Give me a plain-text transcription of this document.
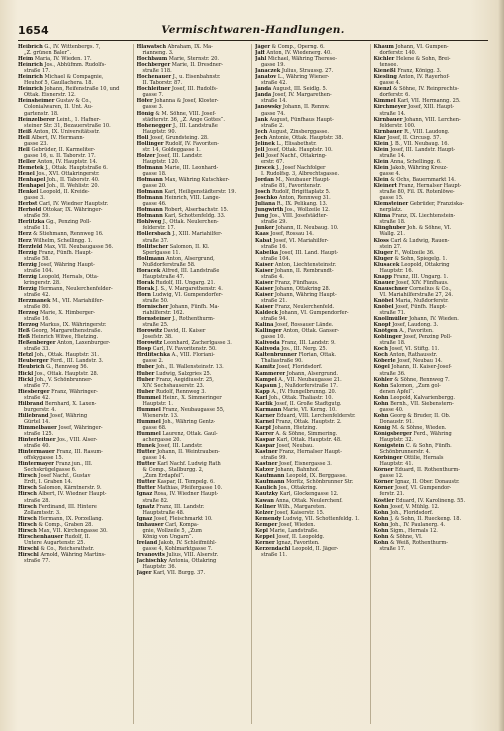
1654	Vermischtwaren-Handlungen.
Heibrich G., IV. Wittenbergs. 7,
„Z. grünen Baler“.
Heim Maria, IV. Wieden. 17.
Heinrich Jos., Abhüfmm. Rudolfs-
straße 17.
Heinrich Michael & Compagnie,
Heuhof 5, Gaullachera. 18.
Heinrich Johann, Reifenstraße 10, und
Ottak. Eisnerstr. 12.
Heinsheimer Gustav & Co.,
Colonialwaren, II. Unt. Au-
gartenstr. 18.
Heinzelberer Leint., 1. Hafner-
steiner Str. 31, Bezauerstraße 10.
Heiß Anton, IX. Universitätsstr.
Hell Albert, IV. Hermann-
gasse 23.
Hell Gebrüder, II. Karmeliter-
gasse 16, u. II. Taborstr. 17.
Heller Anton, IV. Hauptstr. 14.
Hemetek J., Ottak. Hauptstraße 6.
Henel Jos., XVI. Ottakringerstr.
Henhapel Joh., II. Taborstr. 40.
Henhapel Joh., II. Wehlistr. 20.
Henkel Leopold, II. Kreide-
gasse 3.
Herbst Carl, IV. Wiedner Hauptstr.
Herhold Ottokar, IX. Währinger-
straße 59.
Herlitzka Gg., Penzing Poll-
straße 11.
Herz & Stiehmann, Rennweg 16.
Herz Wilhelm, Schellingg. 1.
Herzfeld Max, VII. Neubaugasse 56.
Herzig Franz, Fünfh. Haupt-
straße 58.
Herzig Josef, Währing Haupt-
straße 104.
Herzig Leopold, Hernals, Otta-
kringerstr. 28.
Herzig Hermann, Neulerchenfelder-
straße 42.
Herzmanek M., VII. Mariahilfer-
straße 80.
Herzog Marie, X. Himberger-
straße 16.
Herzog Markus, IX. Währingerstr.
Heß Georg, Margarethenstraße.
Heß Heinrich Witwe, Hietzing.
Heßenberger Anton, Laxenburger-
straße 33.
Hetzl Joh., Ottak. Hauptstr. 31.
Heuberger Ferd., III. Landstr. 3.
Heubrich G., Rennweg 56.
Hickl Jos., Ottak. Hauptstr. 28.
Hickl Joh., V. Schönbrunner-
straße 77.
Hiesberger Franz, Währinger-
straße 42.
Hilbrand Bernhard, X. Laxen-
burgerstr. 4.
Hillebrand Josef, Währing
Gürtel 14.
Himmelbauer Josef, Währinger-
straße 125.
Hinterleitner Jos., VIII. Alser-
straße 40.
Hintermauer Franz, III. Rasum-
offskygasse 15.
Hintermayer Franz jun., III.
Sechskrügelgasse 6.
Hirsch Josef Nachf., Gustav
Erdt, I. Graben 14.
Hirsch Salomon, Kärntnerstr. 9.
Hirsch Albert, IV. Wiedner Haupt-
straße 28.
Hirsch Ferdinand, III. Hintere
Zollamtsstr. 3.
Hirsch Hermann, IX. Porzellang.
Hirsch & Comp., Graben 28.
Hirsch Max, VII. Kirchengasse 30.
Hirschenhauser Rudolf, II.
Untere Augartenstr. 25.
Hirschl & Co., Reichsrathstr.
Hirschl Arnold, Währing Martins-
straße 77.
Hlawatsch Abraham, IX. Ma-
rianneng. 3.
Hochbaum Marie, Sternstr. 20.
Hochberger Marie, II. Dresdner-
straße 118.
Hochenauer J., u. Eisenbahnstr.
II. Taborstr. 87.
Hochleitner Josef, III. Rudolfs-
gasse 7.
Höfer Johanna & Josef, Kloster-
gasse 3.
Hönig & M. Söhne, VIII. Josef-
städterstr. 36, „Z. Ange Gottes“.
Hohenegger J., III. Landstraße
Hauptstr. 90.
Holl Josef, Grundsteing. 28.
Hollinger Rudolf, IV. Favoriten-
str. 14, Goldeggasse 1.
Holzer Josef, III. Landstr.
Hauptstr. 120.
Hofmann Marie, III. Leonhard-
gasse 18.
Hofmann Max, Währing Kutschker-
gasse 20.
Hofmann Karl, Heiligenstädterstr. 19.
Hofmann Heinrich, VIII. Lange-
gasse 46.
Hofmann Robert, Alserbachstr. 15.
Hofmann Karl, Schottenfeldg. 33.
Hohlweg J., Ottak. Neulerchen-
felderstr. 17.
Hollersbach J., XIII. Mariahilfer-
straße 37.
Hollitscher Salomon, II. Kl.
Sperlgasse 11.
Hollmann Anton, Alsergrund,
Nußdorferstraße 58.
Horacek Alfred, III. Landstraße
Hauptstraße 47.
Horak Rudolf, III. Ungarg. 21.
Horak J. S., V. Margarethenstr. 4.
Horn Ludwig, VI. Gumpendorfer-
straße 50.
Hornischer Johann, Fünfh. Ma-
riahilferstr. 162.
Hornsteiner J., Rothenthurm-
straße 25.
Horowitz David, II. Kaiser
Josefstr. 38.
Horowitz Leonhard, Zacherlgasse 3.
Hosp Carl, IV. Favoritenstr. 50.
Hrdlitschka A., VIII. Floriani-
gasse 2.
Huber Joh., II. Wallensteinstr. 13.
Huber Ludwig, Salzgries 25.
Huber Franz, Aegidiusstr. 25,
XIV. Sechshauserstr. 23.
Huber Rudolf, Rennweg 3.
Hummel Heinr., X. Simmeringer
Hauptstr. 1.
Hummel Franz, Neubaugasse 55,
Wienerstr. 13.
Hummel Joh., Währing Gentz-
gasse 68.
Hummel Laurenz, Ottak. Gaul-
achergasse 20.
Hunek Josef, III. Landstr.
Hutter Johann, II. Weintrauben-
gasse 14.
Hutter Karl Nachf. Ludwig Rath
& Comp., Stallburgg. 2,
„Zum Erdapfel“.
Hutter Kaspar, II. Tempelg. 6.
Hutter Mathias, Pfeifergasse 10.
Ignaz Rosa, IV. Wiedner Haupt-
straße 82.
Ignatz Franz, III. Landstr.
Hauptstraße 48.
Ignaz Josef, Fleischmarkt 10.
Imhauser Carl, Kompa-
gnie, Wollzeile 5, „Zum
König von Ungarn“.
Ireland Jakob, IV. Schleifmühl-
gasse 4, Kohlmarktgasse 7.
Irvanovits Julius, VIII. Alserstr.
Jachischky Antonia, Ottakring
Hauptstr. 36.
Jäger Karl, VII. Burgg. 37.
Jäger & Comp., Operng. 6.
Jaff Anton, IV. Wiedenerg. 40.
Jahl Michael, Währing Therese-
gasse 19.
Janaczek Julius, Straussg. 27.
Janatov L., Währing Wiener-
straße 42.
Janda August, III. Seidlg. 5.
Janda Josef, IV. Margarethen-
straße 14.
Janowsky Johann, II. Rennw.
gasse 74.
Jank August, Fünfhaus Haupt-
straße 2.
Jech August, Zinsberggasse.
Jech Antonie, Ottak. Hauptstr. 38.
Jelinek L., Elisabethstr.
Jell Josef, Ottak. Hauptstr. 10.
Jell Josef Nachf., Ottakring-
erstr. 67.
Jirscek J., Josef Nachfolger
I. Rudolfsg. 3, Albrechtsgasse.
Jordan M., Neubauer Haupt-
straße 81, Favoritenstr.
Josch Rudolf, Brigittaplatz 5.
Joschko Anton, Rennweg 31.
Juliana R., IX. Pelikang. 13.
Jungwirth Jos., Wollzeile 12.
Jung Jos., VIII. Josefstädter-
straße 29.
Junker Johann, II. Neubaug. 10.
Kaas Josef, Rossau 14.
Kabat Josef, VI. Mariahilfer-
straße 16.
Kabelka Josef, III. Land. Haupt-
straße 104.
Kaiser Anton, Liechtensteinstr.
Kaiser Johann, II. Rembrandt-
straße 4.
Kaiser Franz, Fünfhaus.
Kaiser Johann, Ottakring 28.
Kaiser Johann, Währing Haupt-
straße 21.
Kaiser Franz, Neulerchenfeld.
Kaldeck Johann, VI. Gumpendorfer-
straße 94.
Kalina Josef, Rossauer Lände.
Kallinger Anton, Ottak. Ganser-
gasse 10.
Kalivoda Franz, III. Landstr. 9.
Kalivoda Jos., III. Nerg. 25.
Kaltenbrunner Florian, Ottak.
Thaliastraße 90.
Kamitz Josef, Floridsdorf.
Kammerer Johann, Alsergrund.
Kampel A., VII. Neubaugasse 21.
Kapaun J., Nußdorferstraße 17.
Kapp A., IV. Hungelbrunng. 20.
Karl Joh., Ottak. Thaliastr. 10.
Karlik Josef, II. Große Stadtgutg.
Karmann Marie, VI. Kerng. 10.
Karner Eduard, VIII. Lerchenfelderstr.
Karnel Franz, Ottak. Hauptstr. 2.
Karpf Johann, Hietzing.
Karrer A. & Söhne, Simmering.
Kaspar Karl, Ottak. Hauptstr. 48.
Kaspar Josef, Neubau.
Kastner Franz, Hernalser Haupt-
straße 99.
Kastner Josef, Eisnergasse 3.
Katzer Johann, Bahnhof.
Kaufmann Leopold, IX. Berggasse.
Kaufmann Moritz, Schönbrunner Str.
Kaulich Jos., Ottakring.
Kautzky Karl, Glockengasse 12.
Kawan Anna, Ottak. Neulerchenf.
Kellner Wilh., Margareten.
Kelzer Josef, Kaiserstr. 15.
Kemendy Ludwig, VII. Schottenfeldg. 1.
Kemper Josef, Wieden.
Kepl Marie, Landstraße.
Keppel Josef, II. Leopoldg.
Kerner Ignaz, Favoriten.
Kerzendachl Leopold, II. Jäger-
straße 11.
Khaum Johann, VI. Gumpen-
dorferstr. 140.
Kichler Helene & Sohn, Brei-
tensee.
Kieneßl Franz, Königg. 3.
Kiesling Anton, IV. Rayerhof-
gasse 4.
Kienzl & Söhne, IV. Reinprechts-
dorferstr. 6.
Kimmel Karl, VII. Hermanng. 25.
Kirchmeyer Josef, XIII. Haupt-
straße 14.
Kirnbauer Johann, VIII. Lerchen-
felderstr. 100.
Kirnbauer R., VIII. Laudong.
Klar Josef, II. Circusg. 57.
Klein J. B., VII. Neubaug. 16.
Klein Josef, III. Landstr. Haupt-
straße 14.
Klein Anna, Schellingg. 6.
Klein Jakob, Währing Kreuz-
gasse 4.
Klein & Ochs, Bauernmarkt 14.
Kleinert Franz, Hernalser Haupt-
straße 80, Fil. IX. Rotenlöwe-
gasse 15.
Klemsteiner Gebrüder, Franziska-
nerplatz.
Klima Franz, IX. Liechtenstein-
straße 18.
Klinghuber Joh. & Söhne, VI.
Wallg. 21.
Kloss Carl & Ludwig, Rauen-
stein 27.
Kluger F., Wollzeile 36.
Kluger & Sohn, Spiegelg. 1.
Klusacek Leopold, Ottakring
Hauptstr. 16.
Knapp Franz, III. Ungarg. 1.
Knauer Josef, XIV. Fünfhaus.
Knauschner Cornelius & Co.,
VI. Mariahilferstraße 27, 24.
Knöbel Maria, Nußdorferstr.
Knöbel Josef, Fünfh. Haupt-
straße 71.
Knollmüller Johann, IV. Wieden.
Knopf Josef, Laudong. 3.
Knötgen A., Favoriten.
Koblinger Josef, Penzing Poll-
straße 18.
Koch Josef, VI. Stiftg. 11.
Koch Anton, Rathausstr.
Köberle Josef, Neubau 14.
Kögel Johann, II. Kaiser-Josef-
straße 36.
Köhler & Söhne, Rennweg 7.
Kohn Salomon, „Zum gol-
denen Apfel“.
Kohn Leopold, Kalvarienbergg.
Kohn Bernh., VII. Siebenstern-
gasse 40.
Kohn Georg & Bruder, II. Ob.
Donaustr. 91.
König M. & Söhne, Wieden.
Königsberger Ferd., Währing
Hauptstr. 32.
Königstein C. & Sohn, Fünfh.
Schönbrunnerstr. 4.
Körbinger Ottilie, Hernals
Hauptstr. 41.
Körner Eduard, II. Rothenthurm-
gasse 12.
Körner Ignaz, II. Ober. Donaustr.
Körner Josef, VI. Gumpendor-
ferstr. 21.
Köstler Eduard, IV. Karolineng. 55.
Kohn Josef, V. Mühlg. 12.
Kohn Joh., Floridsdorf.
Kohn J. & Sohn, II. Rueckeng. 18.
Kohn Joh., IV. Paulanerg. 4.
Kohn Sigm., Hernals 12.
Kohn & Söhne, VI.
Kohn & Weiß, Rothenthurm-
straße 17.
